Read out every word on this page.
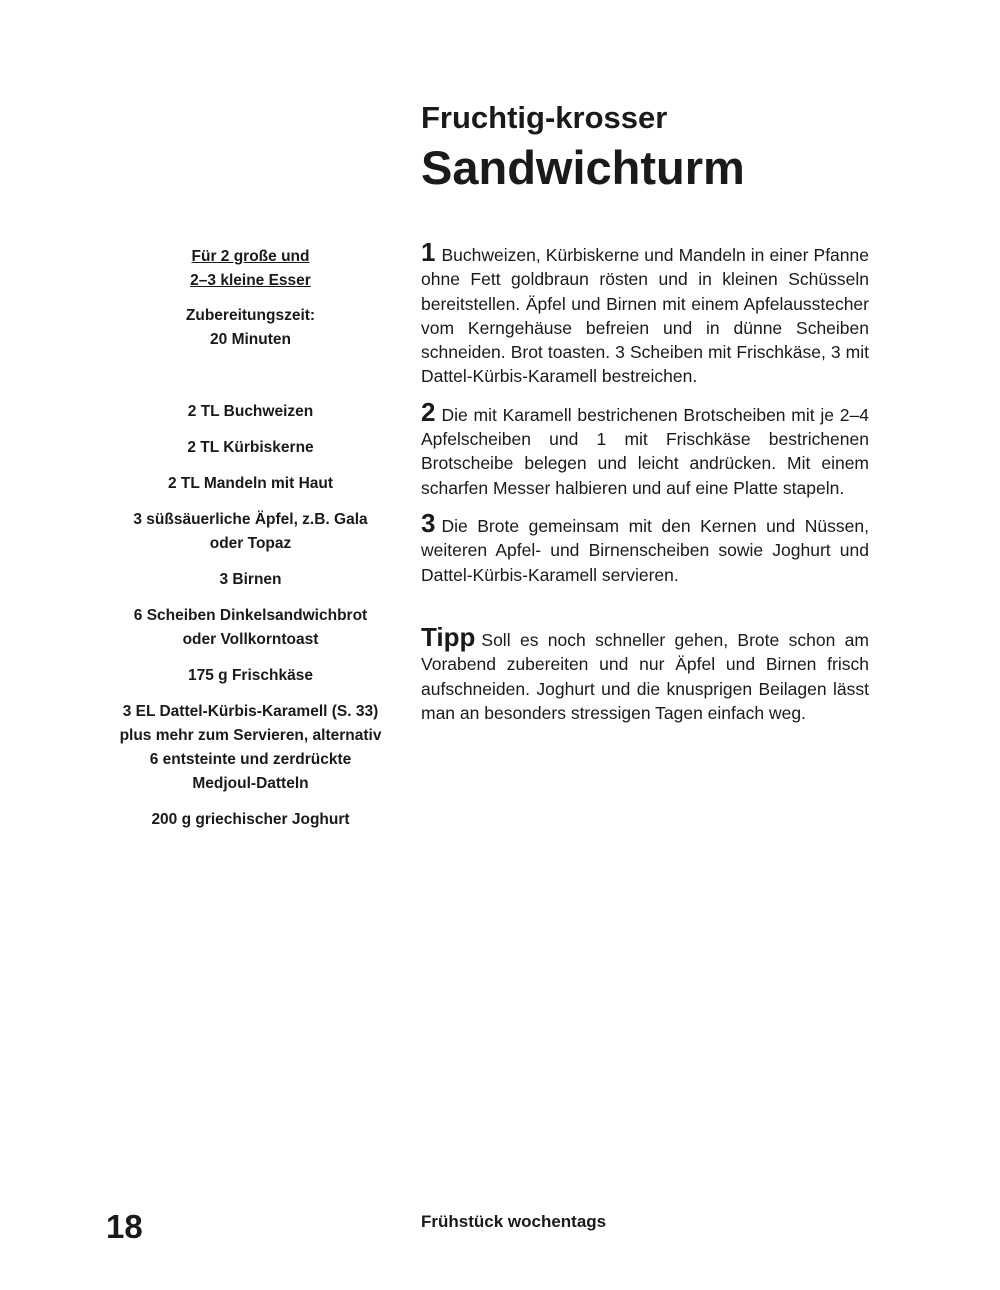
Fruchtig-krosser
Sandwichturm
Für 2 große und
2–3 kleine Esser
Zubereitungszeit:
20 Minuten
2 TL Buchweizen
2 TL Kürbiskerne
2 TL Mandeln mit Haut
3 süßsäuerliche Äpfel, z.B. Gala oder Topaz
3 Birnen
6 Scheiben Dinkelsandwichbrot oder Vollkorntoast
175 g Frischkäse
3 EL Dattel-Kürbis-Karamell (S. 33) plus mehr zum Servieren, alternativ 6 entsteinte und zerdrückte Medjoul-Datteln
200 g griechischer Joghurt

1 Buchweizen, Kürbiskerne und Mandeln in einer Pfanne ohne Fett goldbraun rösten und in kleinen Schüsseln bereitstellen. Äpfel und Birnen mit einem Apfelausstecher vom Kerngehäuse befreien und in dünne Scheiben schneiden. Brot toasten. 3 Scheiben mit Frischkäse, 3 mit Dattel-Kürbis-Karamell bestreichen.

2 Die mit Karamell bestrichenen Brotscheiben mit je 2–4 Apfelscheiben und 1 mit Frischkäse bestrichenen Brotscheibe belegen und leicht andrücken. Mit einem scharfen Messer halbieren und auf eine Platte stapeln.

3 Die Brote gemeinsam mit den Kernen und Nüssen, weiteren Apfel- und Birnenscheiben sowie Joghurt und Dattel-Kürbis-Karamell servieren.

Tipp Soll es noch schneller gehen, Brote schon am Vorabend zubereiten und nur Äpfel und Birnen frisch aufschneiden. Joghurt und die knusprigen Beilagen lässt man an besonders stressigen Tagen einfach weg.

18	Frühstück wochentags
